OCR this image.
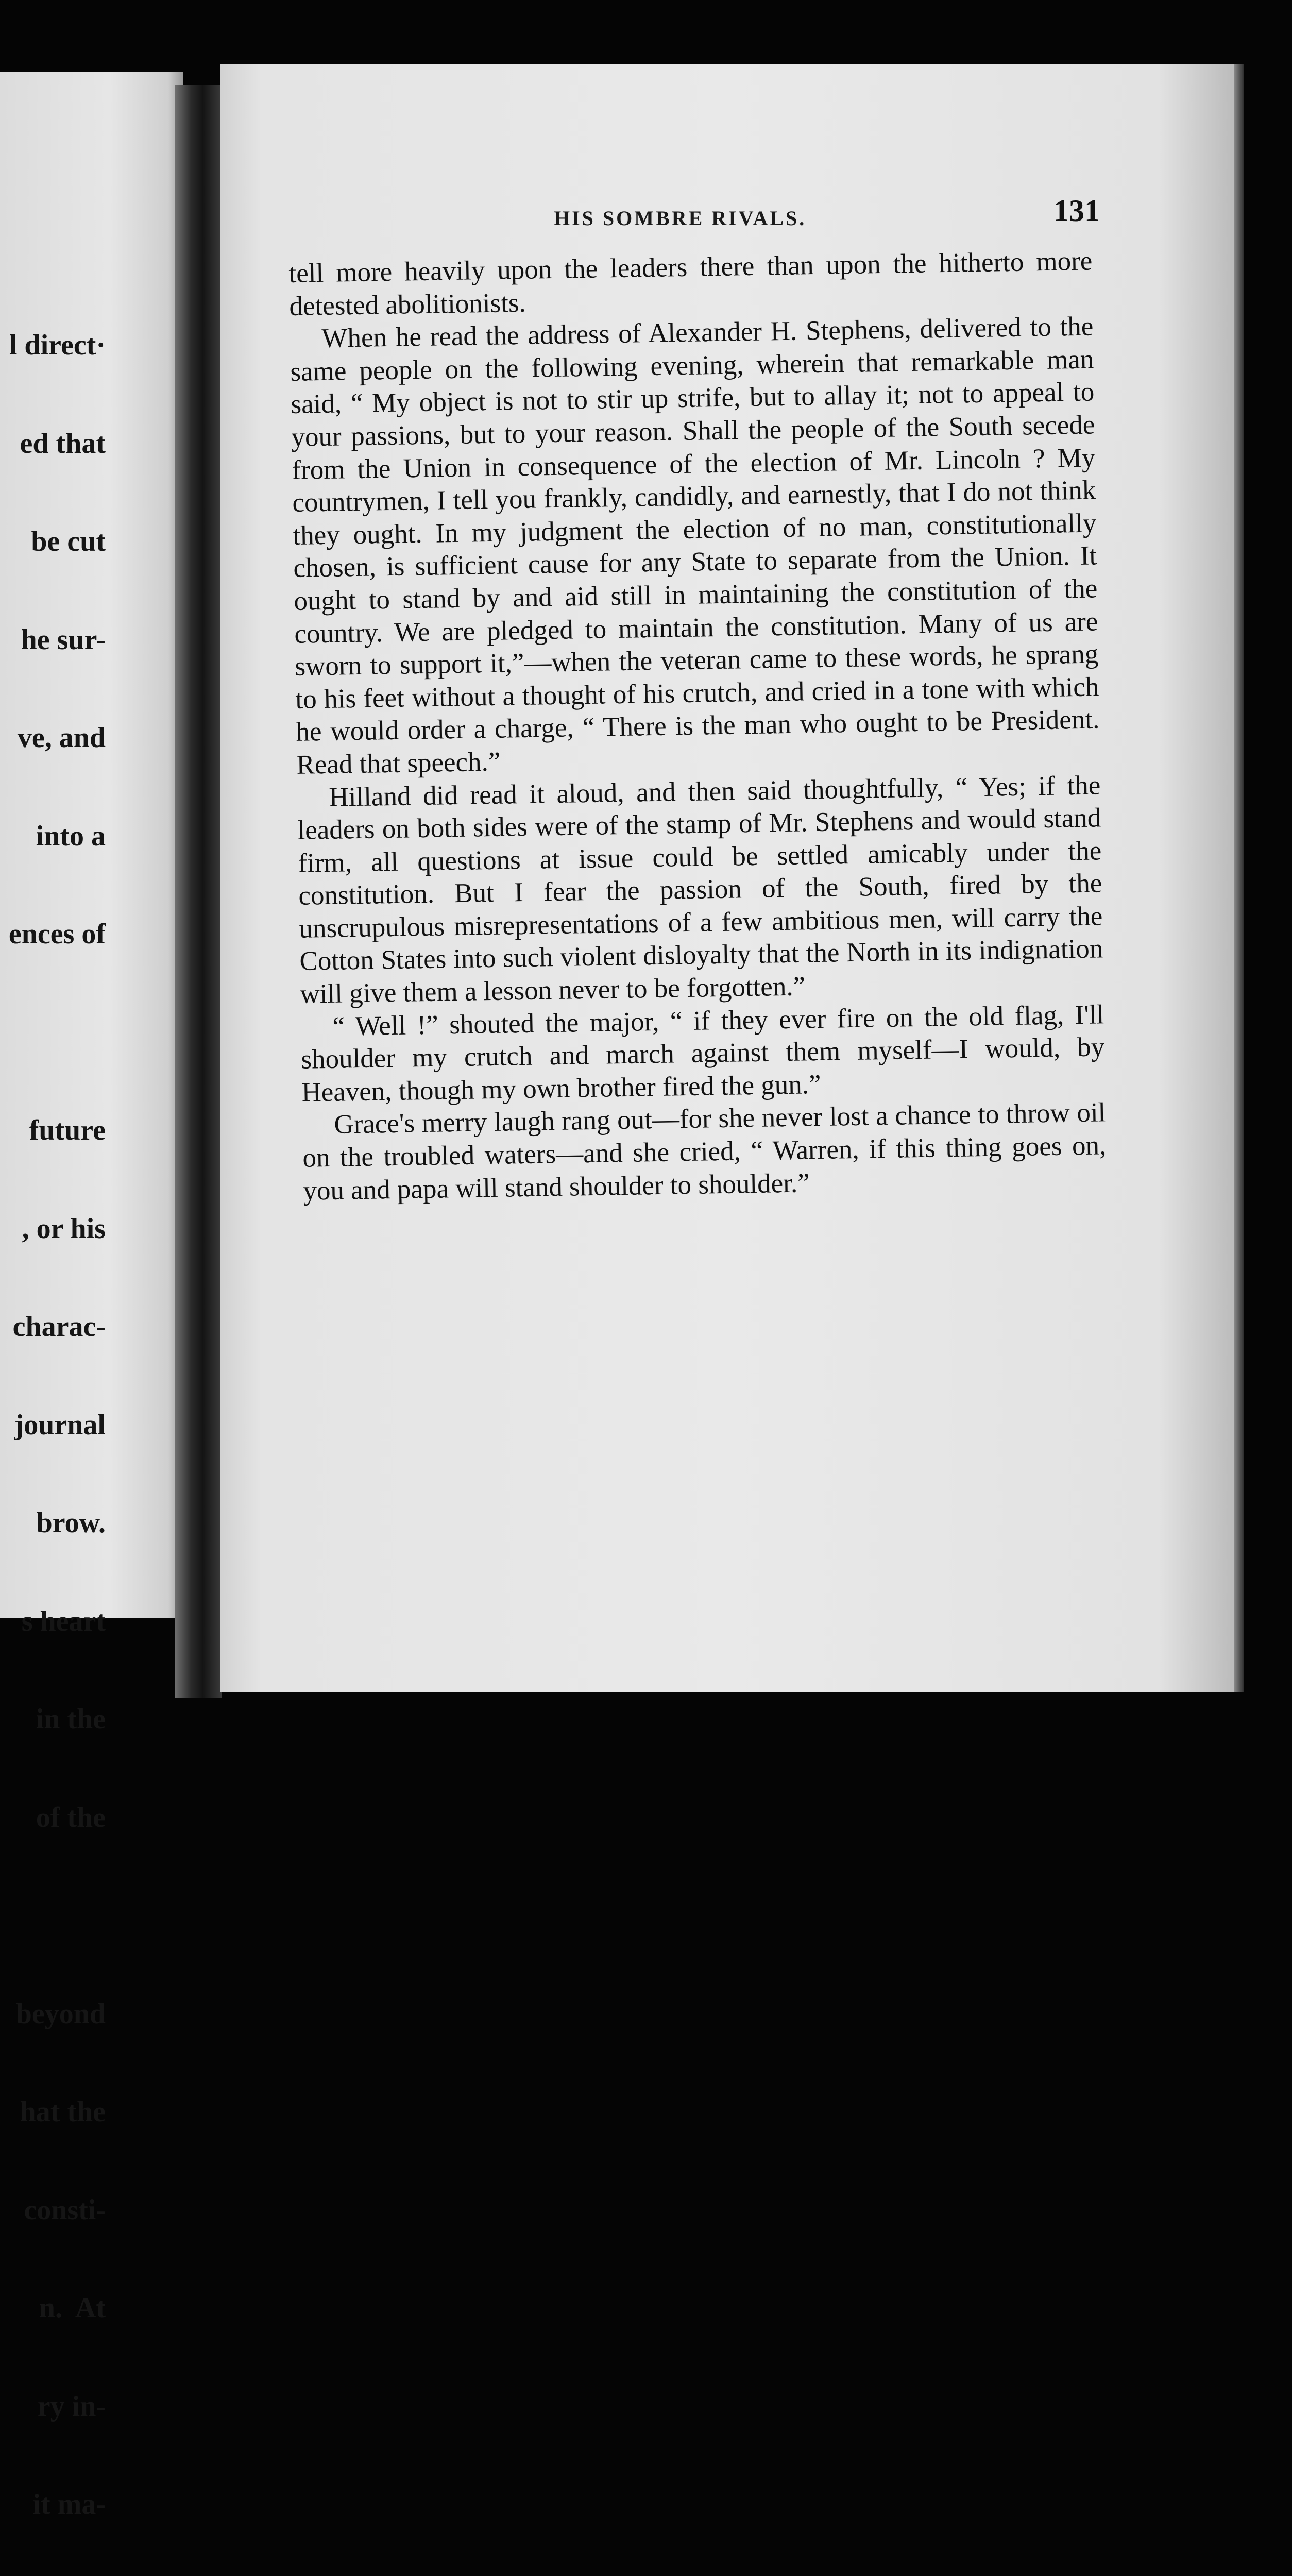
l direct·

ed that

be cut

he sur-

ve, and

into a

ences of

future

, or his

charac-

journal

brow.

s heart

in the

of the

beyond

hat the

consti-

n.  At

ry in-

it ma-

HIS SOMBRE RIVALS.	131

tell more heavily upon the leaders there than upon the hitherto more detested abolitionists.

When he read the address of Alexander H. Stephens, delivered to the same people on the following evening, wherein that remarkable man said, “ My object is not to stir up strife, but to allay it; not to appeal to your passions, but to your reason. Shall the people of the South secede from the Union in consequence of the election of Mr. Lincoln ? My countrymen, I tell you frankly, candidly, and earnestly, that I do not think they ought. In my judgment the election of no man, constitutionally chosen, is sufficient cause for any State to separate from the Union. It ought to stand by and aid still in maintaining the constitution of the country. We are pledged to maintain the constitution. Many of us are sworn to support it,”—when the veteran came to these words, he sprang to his feet without a thought of his crutch, and cried in a tone with which he would order a charge, “ There is the man who ought to be President. Read that speech.”

Hilland did read it aloud, and then said thoughtfully, “ Yes; if the leaders on both sides were of the stamp of Mr. Stephens and would stand firm, all questions at issue could be settled amicably under the constitution. But I fear the passion of the South, fired by the unscrupulous misrepresentations of a few ambitious men, will carry the Cotton States into such violent disloyalty that the North in its indignation will give them a lesson never to be forgotten.”

“ Well !” shouted the major, “ if they ever fire on the old flag, I'll shoulder my crutch and march against them myself—I would, by Heaven, though my own brother fired the gun.”

Grace's merry laugh rang out—for she never lost a chance to throw oil on the troubled waters—and she cried, “ Warren, if this thing goes on, you and papa will stand shoulder to shoulder.”
